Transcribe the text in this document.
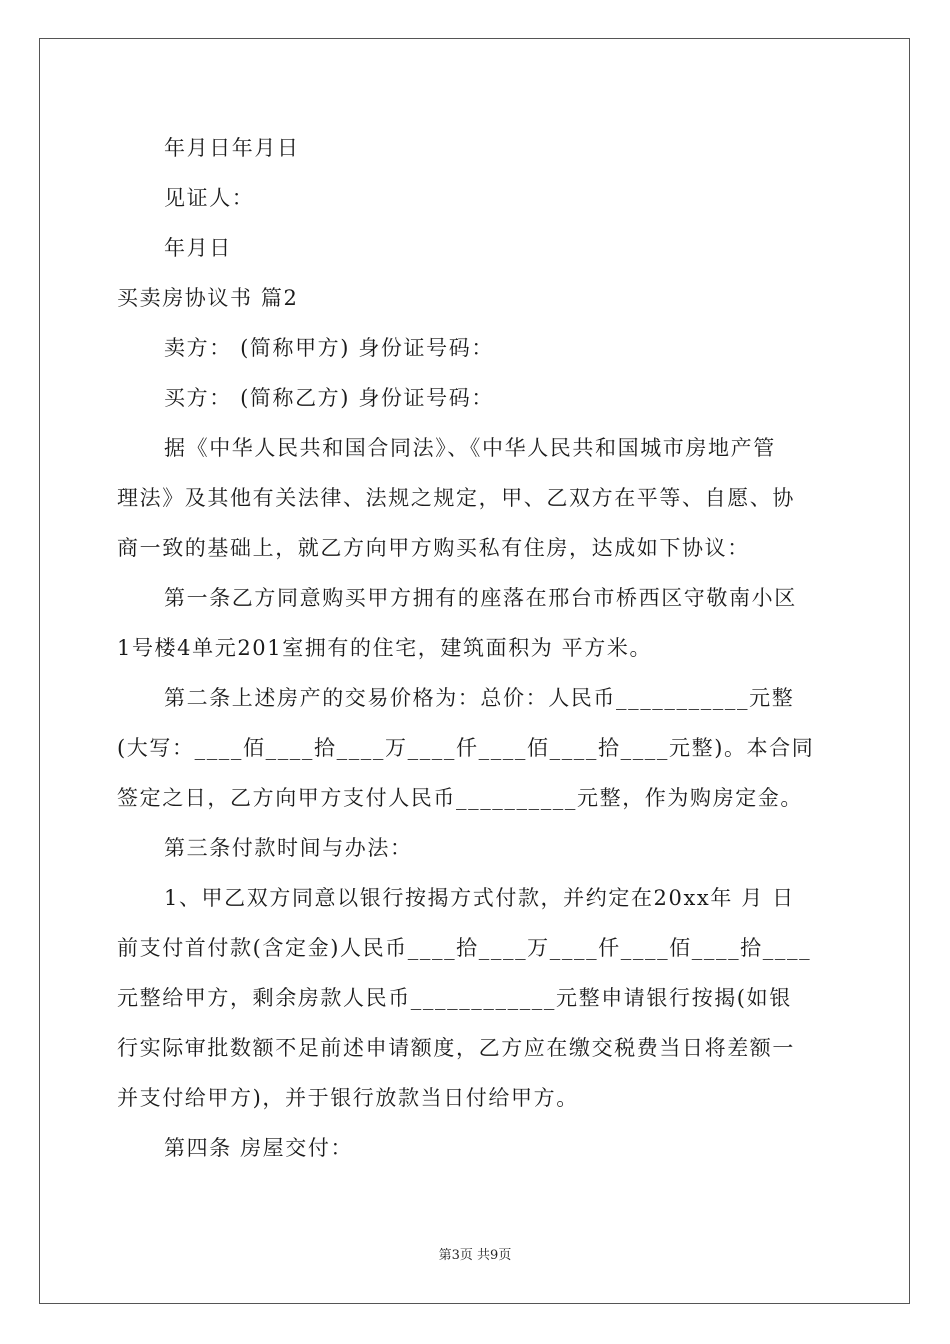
年月日年月日
见证人：
年月日
买卖房协议书 篇2
卖方： (简称甲方) 身份证号码：
买方： (简称乙方) 身份证号码：
据《中华人民共和国合同法》、《中华人民共和国城市房地产管
理法》及其他有关法律、法规之规定，甲、乙双方在平等、自愿、协
商一致的基础上，就乙方向甲方购买私有住房，达成如下协议：
第一条乙方同意购买甲方拥有的座落在邢台市桥西区守敬南小区
1号楼4单元201室拥有的住宅，建筑面积为 平方米。
第二条上述房产的交易价格为：总价：人民币___________元整
(大写：____佰____拾____万____仟____佰____拾____元整)。本合同
签定之日，乙方向甲方支付人民币__________元整，作为购房定金。
第三条付款时间与办法：
1、甲乙双方同意以银行按揭方式付款，并约定在20xx年 月 日
前支付首付款(含定金)人民币____拾____万____仟____佰____拾____
元整给甲方，剩余房款人民币____________元整申请银行按揭(如银
行实际审批数额不足前述申请额度，乙方应在缴交税费当日将差额一
并支付给甲方)，并于银行放款当日付给甲方。
第四条 房屋交付：
第3页 共9页
